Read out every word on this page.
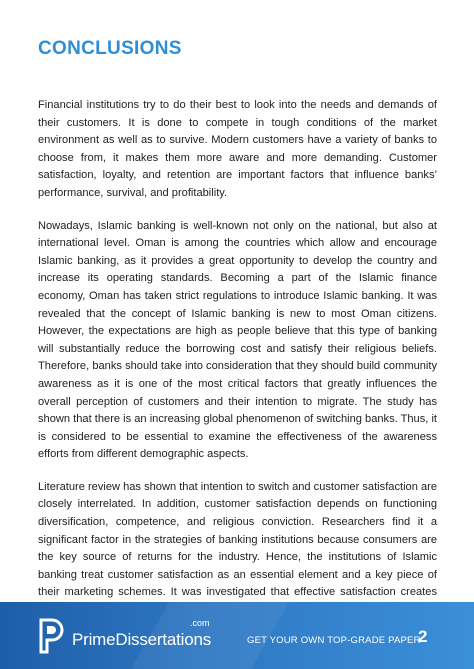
CONCLUSIONS

Financial institutions try to do their best to look into the needs and demands of their customers. It is done to compete in tough conditions of the market environment as well as to survive. Modern customers have a variety of banks to choose from, it makes them more aware and more demanding. Customer satisfaction, loyalty, and retention are important factors that influence banks’ performance, survival, and profitability.

Nowadays, Islamic banking is well-known not only on the national, but also at international level. Oman is among the countries which allow and encourage Islamic banking, as it provides a great opportunity to develop the country and increase its operating standards. Becoming a part of the Islamic finance economy, Oman has taken strict regulations to introduce Islamic banking. It was revealed that the concept of Islamic banking is new to most Oman citizens. However, the expectations are high as people believe that this type of banking will substantially reduce the borrowing cost and satisfy their religious beliefs. Therefore, banks should take into consideration that they should build community awareness as it is one of the most critical factors that greatly influences the overall perception of customers and their intention to migrate. The study has shown that there is an increasing global phenomenon of switching banks. Thus, it is considered to be essential to examine the effectiveness of the awareness efforts from different demographic aspects.

Literature review has shown that intention to switch and customer satisfaction are closely interrelated. In addition, customer satisfaction depends on functioning diversification, competence, and religious conviction. Researchers find it a significant factor in the strategies of banking institutions because consumers are the key source of returns for the industry. Hence, the institutions of Islamic banking treat customer satisfaction as an essential element and a key piece of their marketing schemes. It was investigated that effective satisfaction creates

.com
PrimeDissertations	GET YOUR OWN TOP-GRADE PAPER
2
